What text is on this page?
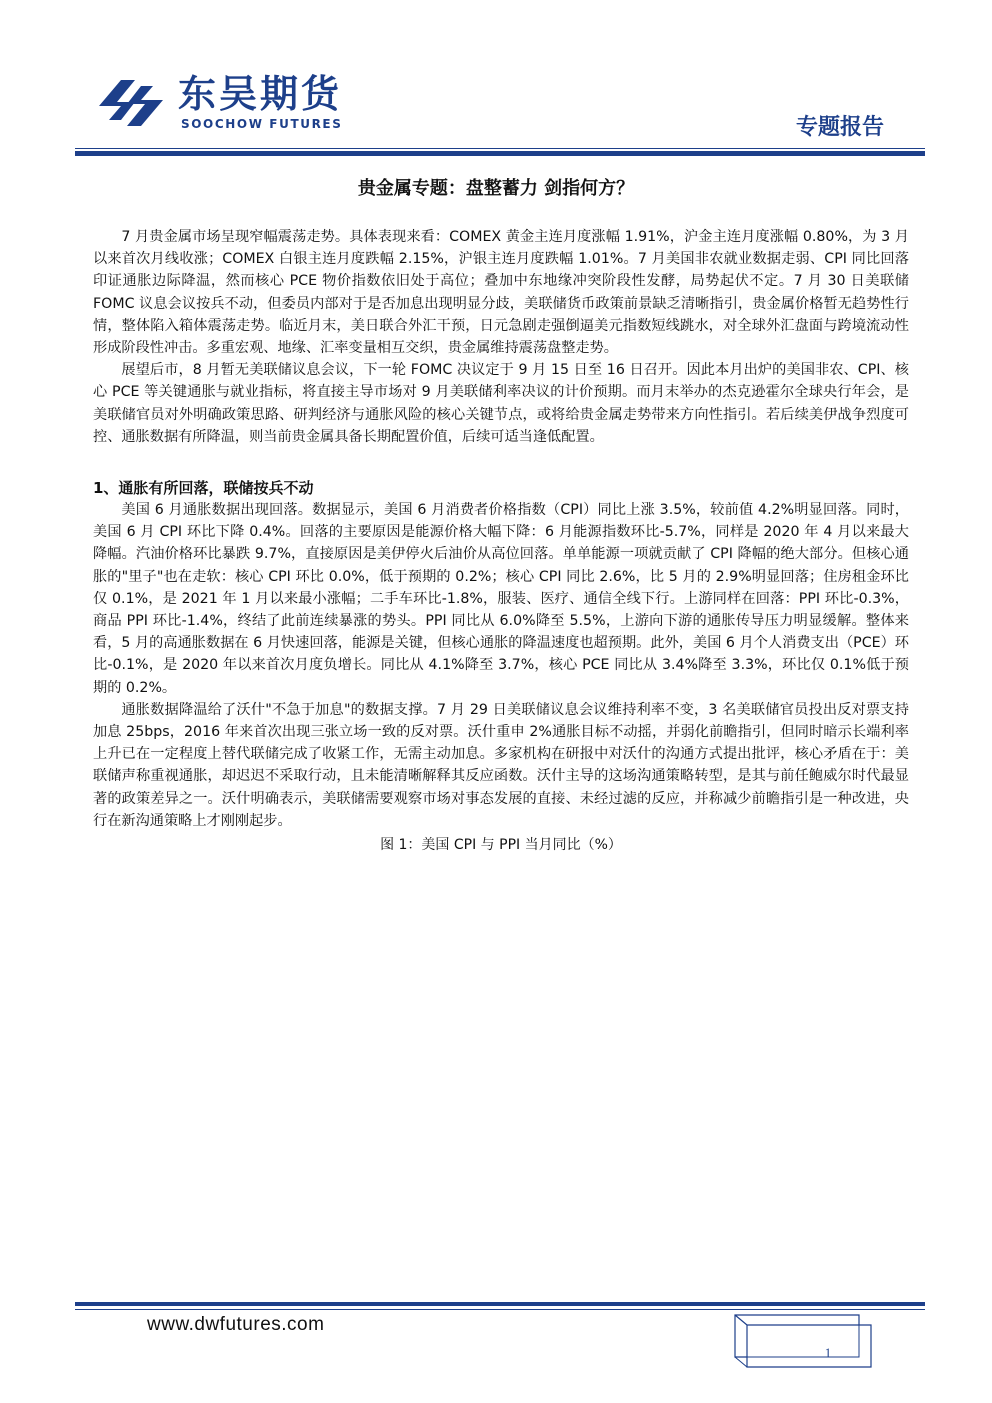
东吴期货
SOOCHOW FUTURES	专题报告
贵金属专题：盘整蓄力 剑指何方？

7 月贵金属市场呈现窄幅震荡走势。具体表现来看：COMEX 黄金主连月度涨幅 1.91%，沪金主连月度涨幅 0.80%，为 3 月以来首次月线收涨；COMEX 白银主连月度跌幅 2.15%，沪银主连月度跌幅 1.01%。7 月美国非农就业数据走弱、CPI 同比回落印证通胀边际降温，然而核心 PCE 物价指数依旧处于高位；叠加中东地缘冲突阶段性发酵，局势起伏不定。7 月 30 日美联储 FOMC 议息会议按兵不动，但委员内部对于是否加息出现明显分歧，美联储货币政策前景缺乏清晰指引，贵金属价格暂无趋势性行情，整体陷入箱体震荡走势。临近月末，美日联合外汇干预，日元急剧走强倒逼美元指数短线跳水，对全球外汇盘面与跨境流动性形成阶段性冲击。多重宏观、地缘、汇率变量相互交织，贵金属维持震荡盘整走势。

展望后市，8 月暂无美联储议息会议，下一轮 FOMC 决议定于 9 月 15 日至 16 日召开。因此本月出炉的美国非农、CPI、核心 PCE 等关键通胀与就业指标，将直接主导市场对 9 月美联储利率决议的计价预期。而月末举办的杰克逊霍尔全球央行年会，是美联储官员对外明确政策思路、研判经济与通胀风险的核心关键节点，或将给贵金属走势带来方向性指引。若后续美伊战争烈度可控、通胀数据有所降温，则当前贵金属具备长期配置价值，后续可适当逢低配置。

1、通胀有所回落，联储按兵不动

美国 6 月通胀数据出现回落。数据显示，美国 6 月消费者价格指数（CPI）同比上涨 3.5%，较前值 4.2%明显回落。同时，美国 6 月 CPI 环比下降 0.4%。回落的主要原因是能源价格大幅下降：6 月能源指数环比-5.7%，同样是 2020 年 4 月以来最大降幅。汽油价格环比暴跌 9.7%，直接原因是美伊停火后油价从高位回落。单单能源一项就贡献了 CPI 降幅的绝大部分。但核心通胀的"里子"也在走软：核心 CPI 环比 0.0%，低于预期的 0.2%；核心 CPI 同比 2.6%，比 5 月的 2.9%明显回落；住房租金环比仅 0.1%，是 2021 年 1 月以来最小涨幅；二手车环比-1.8%，服装、医疗、通信全线下行。上游同样在回落：PPI 环比-0.3%，商品 PPI 环比-1.4%，终结了此前连续暴涨的势头。PPI 同比从 6.0%降至 5.5%，上游向下游的通胀传导压力明显缓解。整体来看，5 月的高通胀数据在 6 月快速回落，能源是关键，但核心通胀的降温速度也超预期。此外，美国 6 月个人消费支出（PCE）环比-0.1%，是 2020 年以来首次月度负增长。同比从 4.1%降至 3.7%，核心 PCE 同比从 3.4%降至 3.3%，环比仅 0.1%低于预期的 0.2%。

通胀数据降温给了沃什"不急于加息"的数据支撑。7 月 29 日美联储议息会议维持利率不变，3 名美联储官员投出反对票支持加息 25bps，2016 年来首次出现三张立场一致的反对票。沃什重申 2%通胀目标不动摇，并弱化前瞻指引，但同时暗示长端利率上升已在一定程度上替代联储完成了收紧工作，无需主动加息。多家机构在研报中对沃什的沟通方式提出批评，核心矛盾在于：美联储声称重视通胀，却迟迟不采取行动，且未能清晰解释其反应函数。沃什主导的这场沟通策略转型，是其与前任鲍威尔时代最显著的政策差异之一。沃什明确表示，美联储需要观察市场对事态发展的直接、未经过滤的反应，并称减少前瞻指引是一种改进，央行在新沟通策略上才刚刚起步。

图 1：美国 CPI 与 PPI 当月同比（%）
www.dwfutures.com
1
